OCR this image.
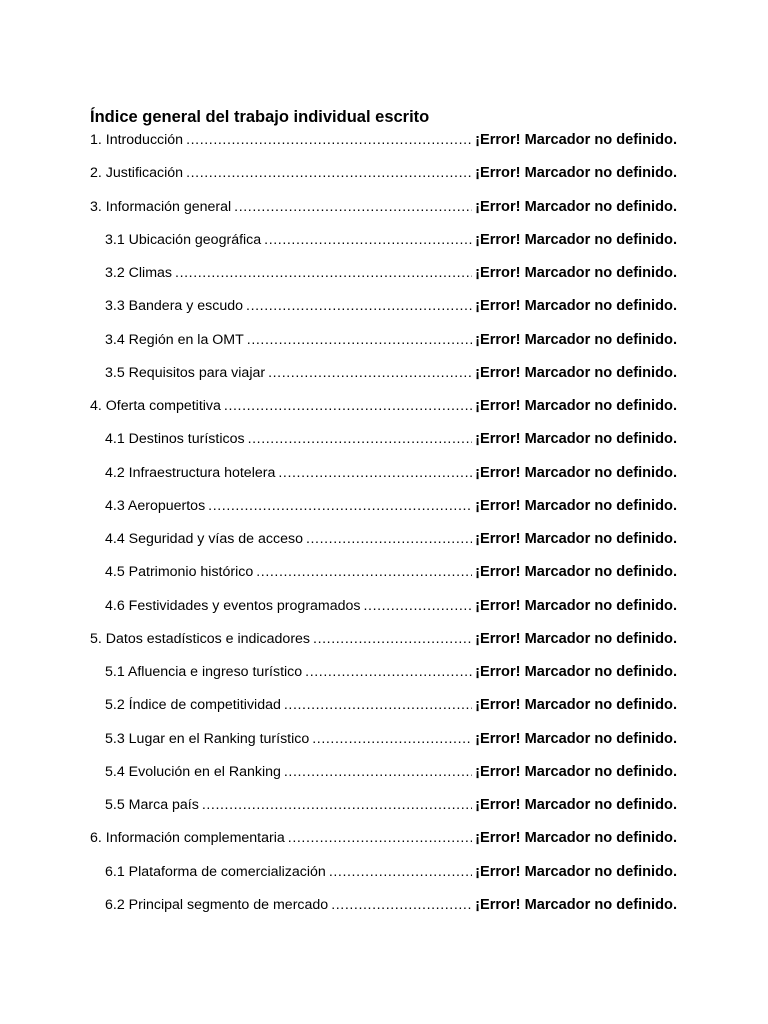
Índice general del trabajo individual escrito
1. Introducción .....	¡Error! Marcador no definido.
2. Justificación .....	¡Error! Marcador no definido.
3. Información general .....	¡Error! Marcador no definido.
3.1 Ubicación geográfica .....	¡Error! Marcador no definido.
3.2 Climas .....	¡Error! Marcador no definido.
3.3 Bandera y escudo .....	¡Error! Marcador no definido.
3.4 Región en la OMT .....	¡Error! Marcador no definido.
3.5 Requisitos para viajar .....	¡Error! Marcador no definido.
4. Oferta competitiva .....	¡Error! Marcador no definido.
4.1 Destinos turísticos .....	¡Error! Marcador no definido.
4.2 Infraestructura hotelera .....	¡Error! Marcador no definido.
4.3 Aeropuertos .....	¡Error! Marcador no definido.
4.4 Seguridad y vías de acceso .....	¡Error! Marcador no definido.
4.5 Patrimonio histórico .....	¡Error! Marcador no definido.
4.6 Festividades y eventos programados .....	¡Error! Marcador no definido.
5. Datos estadísticos e indicadores .....	¡Error! Marcador no definido.
5.1 Afluencia e ingreso turístico .....	¡Error! Marcador no definido.
5.2 Índice de competitividad .....	¡Error! Marcador no definido.
5.3 Lugar en el Ranking turístico .....	¡Error! Marcador no definido.
5.4 Evolución en el Ranking .....	¡Error! Marcador no definido.
5.5 Marca país .....	¡Error! Marcador no definido.
6. Información complementaria .....	¡Error! Marcador no definido.
6.1 Plataforma de comercialización .....	¡Error! Marcador no definido.
6.2 Principal segmento de mercado .....	¡Error! Marcador no definido.
